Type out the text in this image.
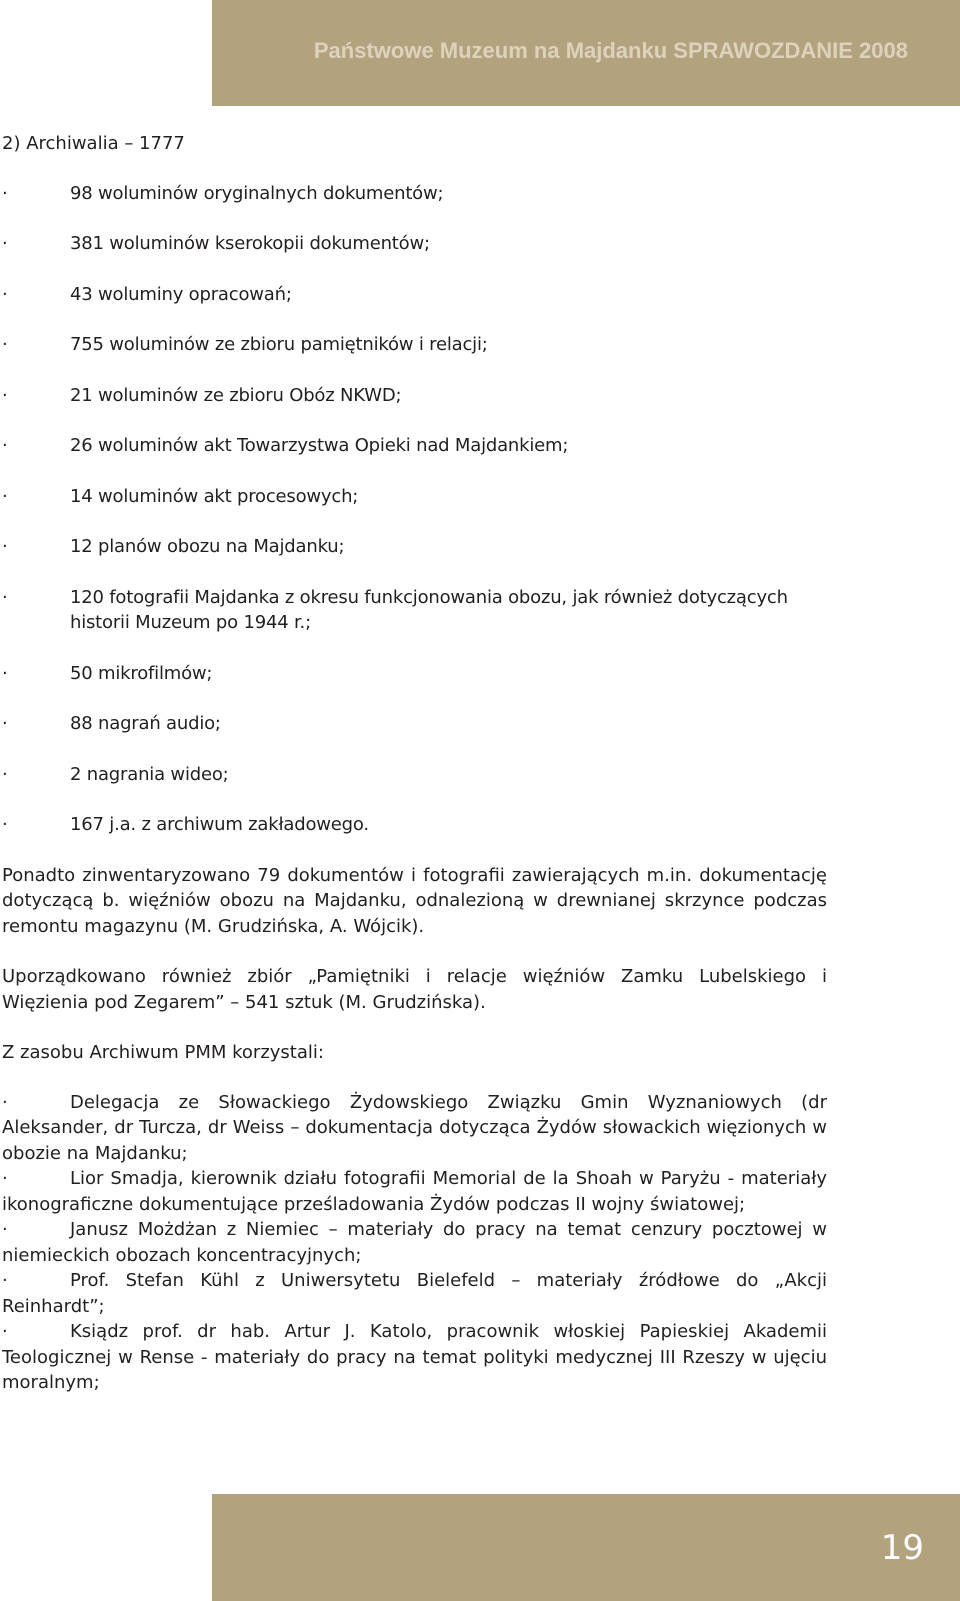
Państwowe Muzeum na Majdanku SPRAWOZDANIE 2008
2) Archiwalia – 1777
·	98 woluminów oryginalnych dokumentów;
·	381 woluminów kserokopii dokumentów;
·	43 woluminy opracowań;
·	755 woluminów ze zbioru pamiętników i relacji;
·	21 woluminów ze zbioru Obóz NKWD;
·	26 woluminów akt Towarzystwa Opieki nad Majdankiem;
·	14 woluminów akt procesowych;
·	12 planów obozu na Majdanku;
·	120 fotografii Majdanka z okresu funkcjonowania obozu, jak również dotyczących historii Muzeum po 1944 r.;
·	50 mikrofilmów;
·	88 nagrań audio;
·	2 nagrania wideo;
·	167 j.a. z archiwum zakładowego.

Ponadto zinwentaryzowano 79 dokumentów i fotografii zawierających m.in. dokumentację dotyczącą b. więźniów obozu na Majdanku, odnalezioną w drewnianej skrzynce podczas remontu magazynu (M. Grudzińska, A. Wójcik).

Uporządkowano również zbiór „Pamiętniki i relacje więźniów Zamku Lubelskiego i Więzienia pod Zegarem” – 541 sztuk (M. Grudzińska).

Z zasobu Archiwum PMM korzystali:

·	Delegacja ze Słowackiego Żydowskiego Związku Gmin Wyznaniowych (dr Aleksander, dr Turcza, dr Weiss – dokumentacja dotycząca Żydów słowackich więzionych w obozie na Majdanku;
·	Lior Smadja, kierownik działu fotografii Memorial de la Shoah w Paryżu - materiały ikonograficzne dokumentujące prześladowania Żydów podczas II wojny światowej;
·	Janusz Możdżan z Niemiec – materiały do pracy na temat cenzury pocztowej w niemieckich obozach koncentracyjnych;
·	Prof. Stefan Kühl z Uniwersytetu Bielefeld – materiały źródłowe do „Akcji Reinhardt”;
·	Ksiądz prof. dr hab. Artur J. Katolo, pracownik włoskiej Papieskiej Akademii Teologicznej w Rense - materiały do pracy na temat polityki medycznej III Rzeszy w ujęciu moralnym;
19
